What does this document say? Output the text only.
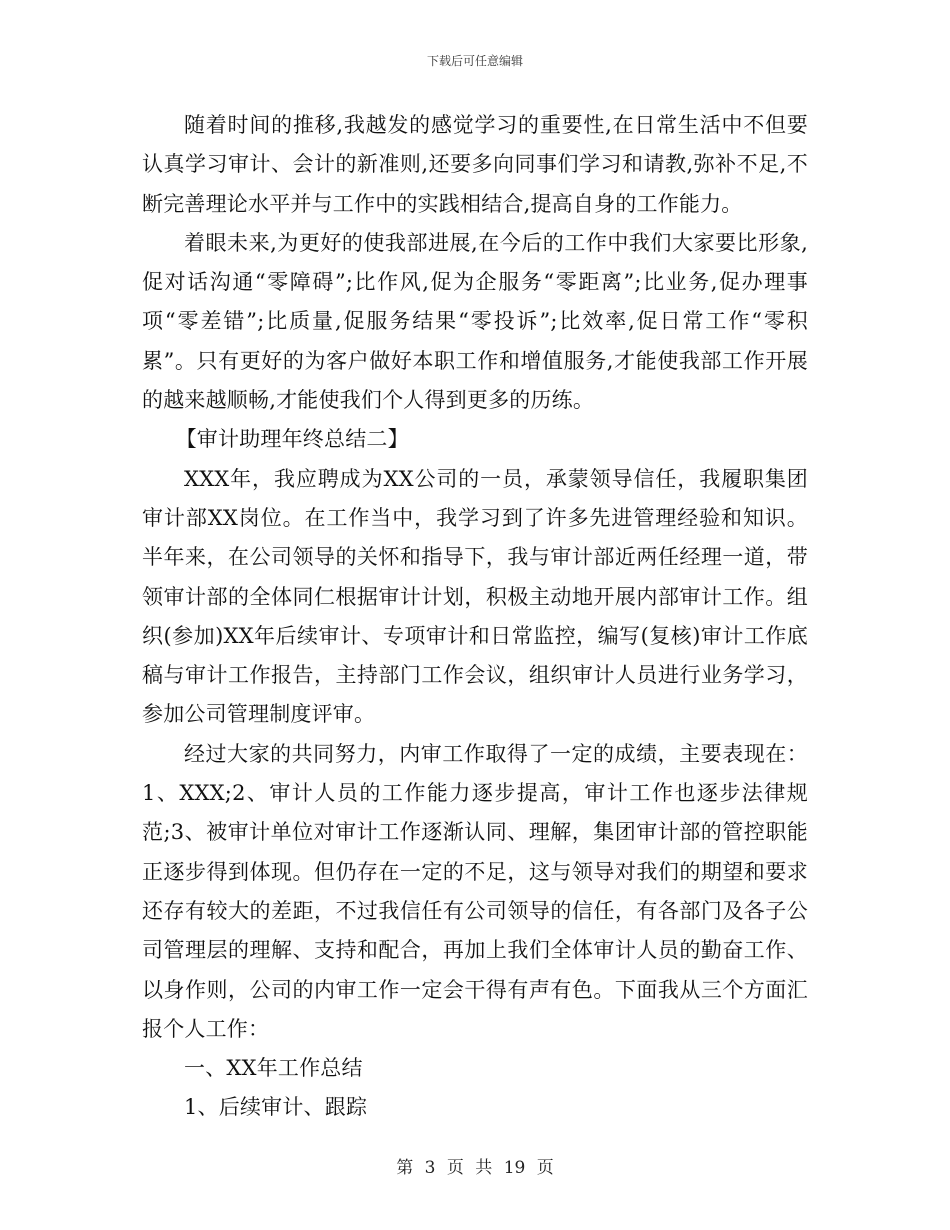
下载后可任意编辑

随着时间的推移,我越发的感觉学习的重要性,在日常生活中不但要认真学习审计、会计的新准则,还要多向同事们学习和请教,弥补不足,不断完善理论水平并与工作中的实践相结合,提高自身的工作能力。

着眼未来,为更好的使我部进展,在今后的工作中我们大家要比形象,促对话沟通“零障碍”;比作风,促为企服务“零距离”;比业务,促办理事项“零差错”;比质量,促服务结果“零投诉”;比效率,促日常工作“零积累”。只有更好的为客户做好本职工作和增值服务,才能使我部工作开展的越来越顺畅,才能使我们个人得到更多的历练。

【审计助理年终总结二】

XXX年，我应聘成为XX公司的一员，承蒙领导信任，我履职集团审计部XX岗位。在工作当中，我学习到了许多先进管理经验和知识。半年来，在公司领导的关怀和指导下，我与审计部近两任经理一道，带领审计部的全体同仁根据审计计划，积极主动地开展内部审计工作。组织(参加)XX年后续审计、专项审计和日常监控，编写(复核)审计工作底稿与审计工作报告，主持部门工作会议，组织审计人员进行业务学习，参加公司管理制度评审。

经过大家的共同努力，内审工作取得了一定的成绩，主要表现在：1、XXX;2、审计人员的工作能力逐步提高，审计工作也逐步法律规范;3、被审计单位对审计工作逐渐认同、理解，集团审计部的管控职能正逐步得到体现。但仍存在一定的不足，这与领导对我们的期望和要求还存有较大的差距，不过我信任有公司领导的信任，有各部门及各子公司管理层的理解、支持和配合，再加上我们全体审计人员的勤奋工作、以身作则，公司的内审工作一定会干得有声有色。下面我从三个方面汇报个人工作：

一、XX年工作总结

1、后续审计、跟踪

第 3 页 共 19 页
